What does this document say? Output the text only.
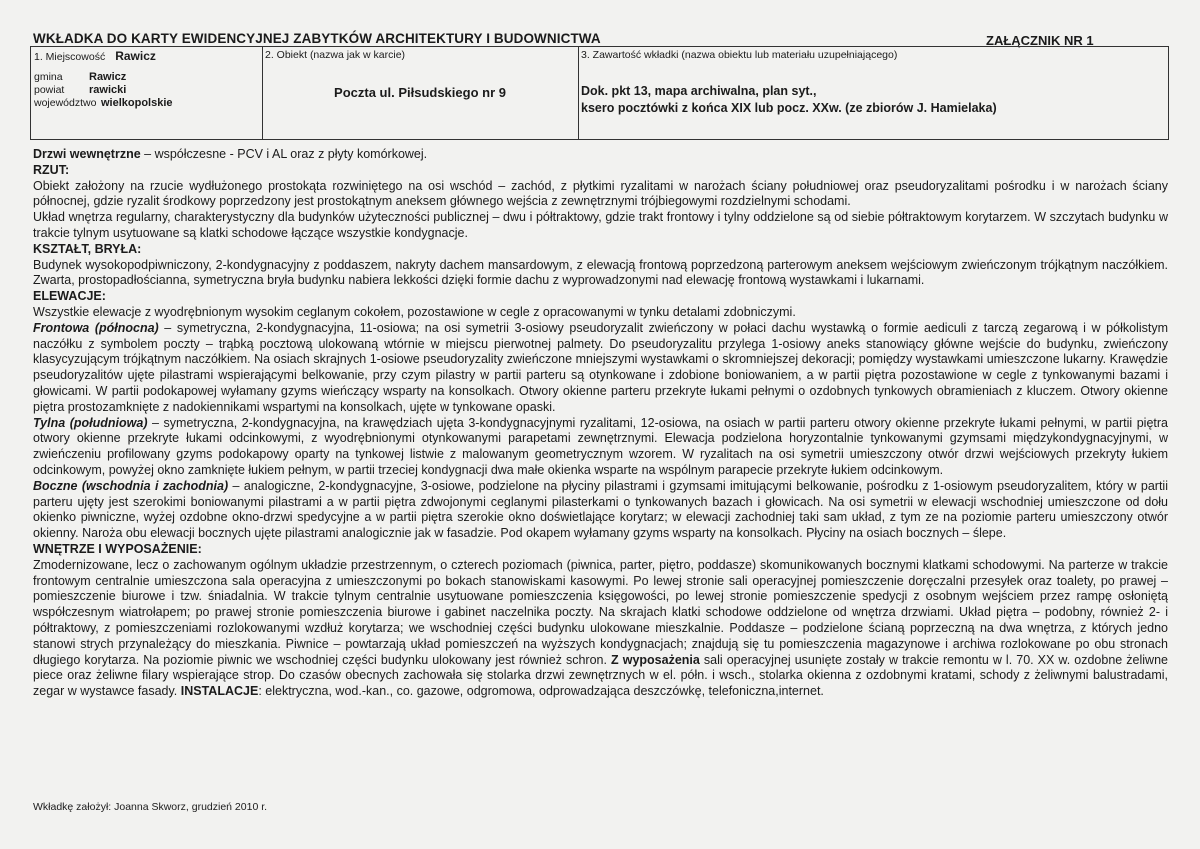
WKŁADKA DO KARTY EWIDENCYJNEJ ZABYTKÓW ARCHITEKTURY I BUDOWNICTWA	ZAŁĄCZNIK NR 1
1. Miejscowość Rawicz
gmina Rawicz
powiat rawicki
województwo wielkopolskie
2. Obiekt (nazwa jak w karcie)
Poczta ul. Piłsudskiego nr 9
3. Zawartość wkładki (nazwa obiektu lub materiału uzupełniającego)
Dok. pkt 13, mapa archiwalna, plan syt.,
ksero pocztówki z końca XIX lub pocz. XXw. (ze zbiorów J. Hamielaka)

Drzwi wewnętrzne – współczesne - PCV i AL oraz z płyty komórkowej.

RZUT:

Obiekt założony na rzucie wydłużonego prostokąta rozwiniętego na osi wschód – zachód, z płytkimi ryzalitami w narożach ściany południowej oraz pseudoryzalitami pośrodku i w narożach ściany północnej, gdzie ryzalit środkowy poprzedzony jest prostokątnym aneksem głównego wejścia z zewnętrznymi trójbiegowymi rozdzielnymi schodami.

Układ wnętrza regularny, charakterystyczny dla budynków użyteczności publicznej – dwu i półtraktowy, gdzie trakt frontowy i tylny oddzielone są od siebie półtraktowym korytarzem. W szczytach budynku w trakcie tylnym usytuowane są klatki schodowe łączące wszystkie kondygnacje.

KSZTAŁT, BRYŁA:

Budynek wysokopodpiwniczony, 2-kondygnacyjny z poddaszem, nakryty dachem mansardowym, z elewacją frontową poprzedzoną parterowym aneksem wejściowym zwieńczonym trójkątnym naczółkiem. Zwarta, prostopadłościanna, symetryczna bryła budynku nabiera lekkości dzięki formie dachu z wyprowadzonymi nad elewację frontową wystawkami i lukarnami.

ELEWACJE:

Wszystkie elewacje z wyodrębnionym wysokim ceglanym cokołem, pozostawione w cegle z opracowanymi w tynku detalami zdobniczymi.

Frontowa (północna) – symetryczna, 2-kondygnacyjna, 11-osiowa; na osi symetrii 3-osiowy pseudoryzalit zwieńczony w połaci dachu wystawką o formie aediculi z tarczą zegarową i w półkolistym naczółku z symbolem poczty – trąbką pocztową ulokowaną wtórnie w miejscu pierwotnej palmety. Do pseudoryzalitu przylega 1-osiowy aneks stanowiący główne wejście do budynku, zwieńczony klasycyzującym trójkątnym naczółkiem. Na osiach skrajnych 1-osiowe pseudoryzality zwieńczone mniejszymi wystawkami o skromniejszej dekoracji; pomiędzy wystawkami umieszczone lukarny. Krawędzie pseudoryzalitów ujęte pilastrami wspierającymi belkowanie, przy czym pilastry w partii parteru są otynkowane i zdobione boniowaniem, a w partii piętra pozostawione w cegle z tynkowanymi bazami i głowicami. W partii podokapowej wyłamany gzyms wieńczący wsparty na konsolkach. Otwory okienne parteru przekryte łukami pełnymi o ozdobnych tynkowych obramieniach z kluczem. Otwory okienne piętra prostozamknięte z nadokiennikami wspartymi na konsolkach, ujęte w tynkowane opaski.

Tylna (południowa) – symetryczna, 2-kondygnacyjna, na krawędziach ujęta 3-kondygnacyjnymi ryzalitami, 12-osiowa, na osiach w partii parteru otwory okienne przekryte łukami pełnymi, w partii piętra otwory okienne przekryte łukami odcinkowymi, z wyodrębnionymi otynkowanymi parapetami zewnętrznymi. Elewacja podzielona horyzontalnie tynkowanymi gzymsami międzykondygnacyjnymi, w zwieńczeniu profilowany gzyms podokapowy oparty na tynkowej listwie z malowanym geometrycznym wzorem. W ryzalitach na osi symetrii umieszczony otwór drzwi wejściowych przekryty łukiem odcinkowym, powyżej okno zamknięte łukiem pełnym, w partii trzeciej kondygnacji dwa małe okienka wsparte na wspólnym parapecie przekryte łukiem odcinkowym.

Boczne (wschodnia i zachodnia) – analogiczne, 2-kondygnacyjne, 3-osiowe, podzielone na płyciny pilastrami i gzymsami imitującymi belkowanie, pośrodku z 1-osiowym pseudoryzalitem, który w partii parteru ujęty jest szerokimi boniowanymi pilastrami a w partii piętra zdwojonymi ceglanymi pilasterkami o tynkowanych bazach i głowicach. Na osi symetrii w elewacji wschodniej umieszczone od dołu okienko piwniczne, wyżej ozdobne okno-drzwi spedycyjne a w partii piętra szerokie okno doświetlające korytarz; w elewacji zachodniej taki sam układ, z tym ze na poziomie parteru umieszczony otwór okienny. Naroża obu elewacji bocznych ujęte pilastrami analogicznie jak w fasadzie. Pod okapem wyłamany gzyms wsparty na konsolkach. Płyciny na osiach bocznych – ślepe.

WNĘTRZE I WYPOSAŻENIE:

Zmodernizowane, lecz o zachowanym ogólnym układzie przestrzennym, o czterech poziomach (piwnica, parter, piętro, poddasze) skomunikowanych bocznymi klatkami schodowymi. Na parterze w trakcie frontowym centralnie umieszczona sala operacyjna z umieszczonymi po bokach stanowiskami kasowymi. Po lewej stronie sali operacyjnej pomieszczenie doręczalni przesyłek oraz toalety, po prawej – pomieszczenie biurowe i tzw. śniadalnia. W trakcie tylnym centralnie usytuowane pomieszczenia księgowości, po lewej stronie pomieszczenie spedycji z osobnym wejściem przez rampę osłoniętą współczesnym wiatrołapem; po prawej stronie pomieszczenia biurowe i gabinet naczelnika poczty. Na skrajach klatki schodowe oddzielone od wnętrza drzwiami. Układ piętra – podobny, również 2- i półtraktowy, z pomieszczeniami rozlokowanymi wzdłuż korytarza; we wschodniej części budynku ulokowane mieszkalnie. Poddasze – podzielone ścianą poprzeczną na dwa wnętrza, z których jedno stanowi strych przynależący do mieszkania. Piwnice – powtarzają układ pomieszczeń na wyższych kondygnacjach; znajdują się tu pomieszczenia magazynowe i archiwa rozlokowane po obu stronach długiego korytarza. Na poziomie piwnic we wschodniej części budynku ulokowany jest również schron. Z wyposażenia sali operacyjnej usunięte zostały w trakcie remontu w l. 70. XX w. ozdobne żeliwne piece oraz żeliwne filary wspierające strop. Do czasów obecnych zachowała się stolarka drzwi zewnętrznych w el. półn. i wsch., stolarka okienna z ozdobnymi kratami, schody z żeliwnymi balustradami, zegar w wystawce fasady. INSTALACJE: elektryczna, wod.-kan., co. gazowe, odgromowa, odprowadzająca deszczówkę, telefoniczna,internet.

Wkładkę założył: Joanna Skworz, grudzień 2010 r.
